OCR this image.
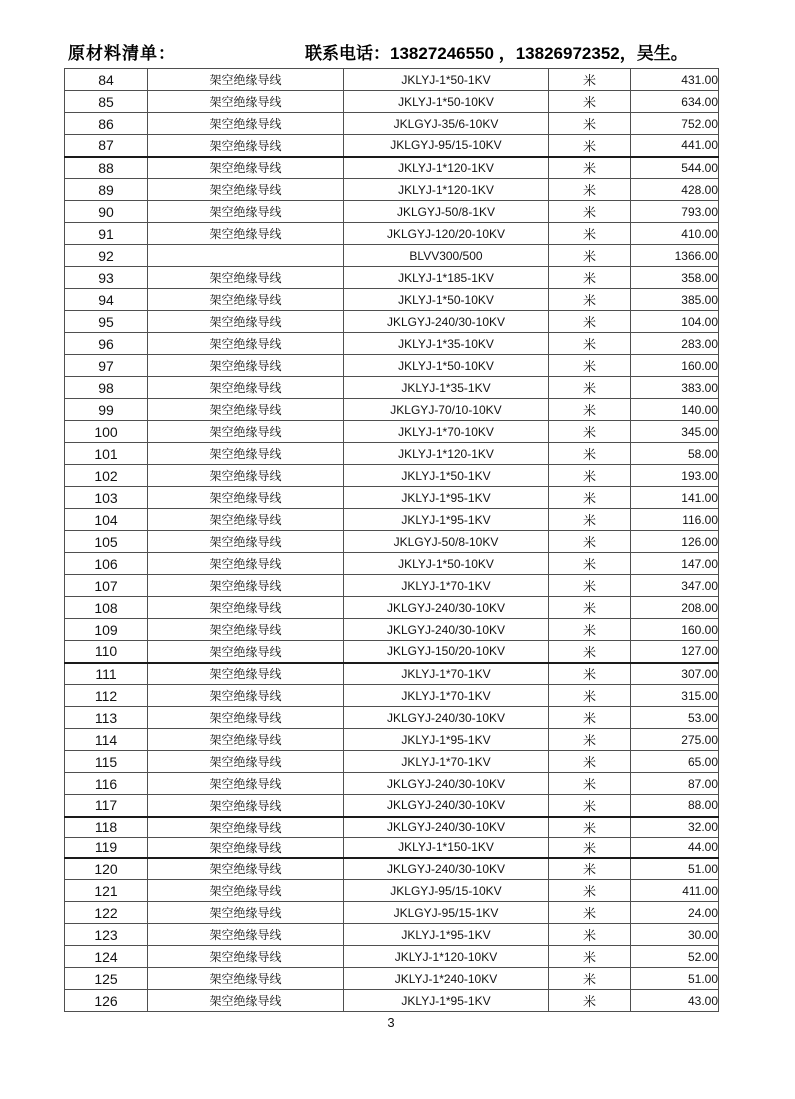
原材料清单：	联系电话：13827246550 ，13826972352，吴生。
84	架空绝缘导线	JKLYJ-1*50-1KV	米	431.00
85	架空绝缘导线	JKLYJ-1*50-10KV	米	634.00
86	架空绝缘导线	JKLGYJ-35/6-10KV	米	752.00
87	架空绝缘导线	JKLGYJ-95/15-10KV	米	441.00
88	架空绝缘导线	JKLYJ-1*120-1KV	米	544.00
89	架空绝缘导线	JKLYJ-1*120-1KV	米	428.00
90	架空绝缘导线	JKLGYJ-50/8-1KV	米	793.00
91	架空绝缘导线	JKLGYJ-120/20-10KV	米	410.00
92		BLVV300/500	米	1366.00
93	架空绝缘导线	JKLYJ-1*185-1KV	米	358.00
94	架空绝缘导线	JKLYJ-1*50-10KV	米	385.00
95	架空绝缘导线	JKLGYJ-240/30-10KV	米	104.00
96	架空绝缘导线	JKLYJ-1*35-10KV	米	283.00
97	架空绝缘导线	JKLYJ-1*50-10KV	米	160.00
98	架空绝缘导线	JKLYJ-1*35-1KV	米	383.00
99	架空绝缘导线	JKLGYJ-70/10-10KV	米	140.00
100	架空绝缘导线	JKLYJ-1*70-10KV	米	345.00
101	架空绝缘导线	JKLYJ-1*120-1KV	米	58.00
102	架空绝缘导线	JKLYJ-1*50-1KV	米	193.00
103	架空绝缘导线	JKLYJ-1*95-1KV	米	141.00
104	架空绝缘导线	JKLYJ-1*95-1KV	米	116.00
105	架空绝缘导线	JKLGYJ-50/8-10KV	米	126.00
106	架空绝缘导线	JKLYJ-1*50-10KV	米	147.00
107	架空绝缘导线	JKLYJ-1*70-1KV	米	347.00
108	架空绝缘导线	JKLGYJ-240/30-10KV	米	208.00
109	架空绝缘导线	JKLGYJ-240/30-10KV	米	160.00
110	架空绝缘导线	JKLGYJ-150/20-10KV	米	127.00
111	架空绝缘导线	JKLYJ-1*70-1KV	米	307.00
112	架空绝缘导线	JKLYJ-1*70-1KV	米	315.00
113	架空绝缘导线	JKLGYJ-240/30-10KV	米	53.00
114	架空绝缘导线	JKLYJ-1*95-1KV	米	275.00
115	架空绝缘导线	JKLYJ-1*70-1KV	米	65.00
116	架空绝缘导线	JKLGYJ-240/30-10KV	米	87.00
117	架空绝缘导线	JKLGYJ-240/30-10KV	米	88.00
118	架空绝缘导线	JKLGYJ-240/30-10KV	米	32.00
119	架空绝缘导线	JKLYJ-1*150-1KV	米	44.00
120	架空绝缘导线	JKLGYJ-240/30-10KV	米	51.00
121	架空绝缘导线	JKLGYJ-95/15-10KV	米	411.00
122	架空绝缘导线	JKLGYJ-95/15-1KV	米	24.00
123	架空绝缘导线	JKLYJ-1*95-1KV	米	30.00
124	架空绝缘导线	JKLYJ-1*120-10KV	米	52.00
125	架空绝缘导线	JKLYJ-1*240-10KV	米	51.00
126	架空绝缘导线	JKLYJ-1*95-1KV	米	43.00
3
